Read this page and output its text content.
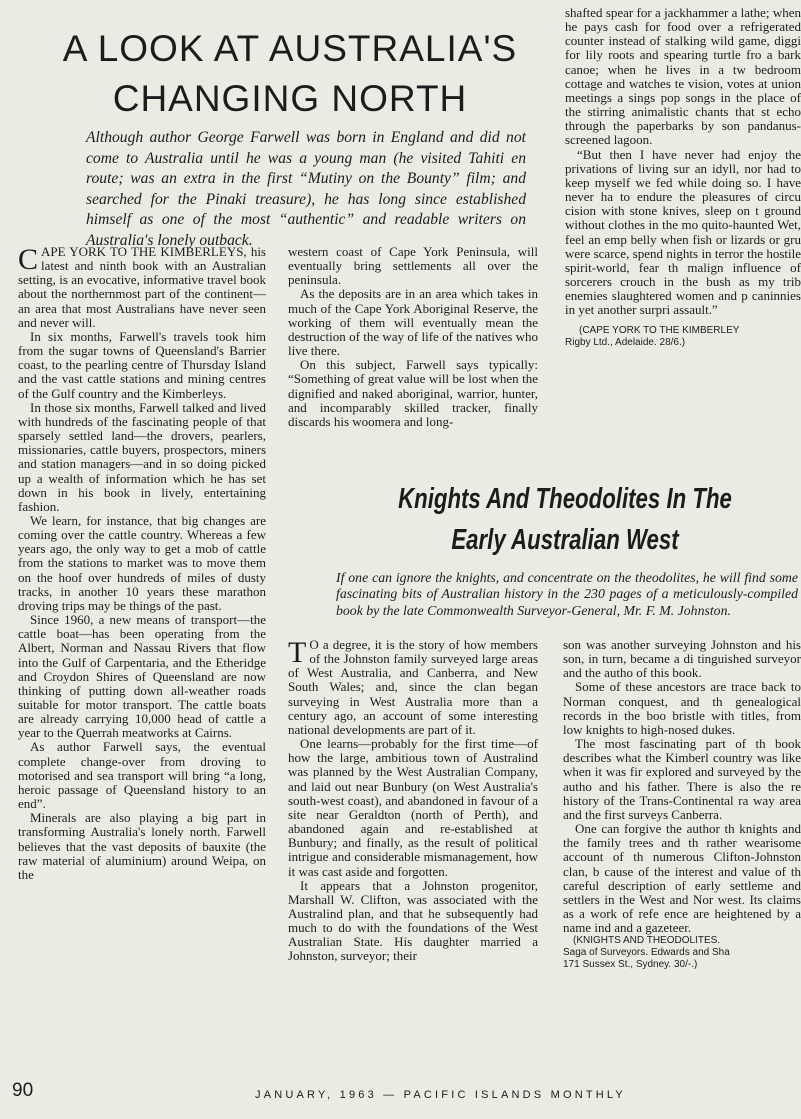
A LOOK AT AUSTRALIA'S
CHANGING NORTH
Although author George Farwell was born in England and did not come to Australia until he was a young man (he visited Tahiti en route; was an extra in the first “Mutiny on the Bounty” film; and searched for the Pinaki treasure), he has long since established himself as one of the most “authentic” and readable writers on Australia's lonely outback.

CAPE YORK TO THE KIMBERLEYS, his latest and ninth book with an Australian setting, is an evocative, informative travel book about the northernmost part of the continent—an area that most Australians have never seen and never will.

In six months, Farwell's travels took him from the sugar towns of Queensland's Barrier coast, to the pearling centre of Thursday Island and the vast cattle stations and mining centres of the Gulf country and the Kimberleys.

In those six months, Farwell talked and lived with hundreds of the fascinating people of that sparsely settled land—the drovers, pearlers, missionaries, cattle buyers, prospectors, miners and station managers—and in so doing picked up a wealth of information which he has set down in his book in lively, entertaining fashion.

We learn, for instance, that big changes are coming over the cattle country. Whereas a few years ago, the only way to get a mob of cattle from the stations to market was to move them on the hoof over hundreds of miles of dusty tracks, in another 10 years these marathon droving trips may be things of the past.

Since 1960, a new means of transport—the cattle boat—has been operating from the Albert, Norman and Nassau Rivers that flow into the Gulf of Carpentaria, and the Etheridge and Croydon Shires of Queensland are now thinking of putting down all-weather roads suitable for motor transport. The cattle boats are already carrying 10,000 head of cattle a year to the Querrah meatworks at Cairns.

As author Farwell says, the eventual complete change-over from droving to motorised and sea transport will bring “a long, heroic passage of Queensland history to an end”.

Minerals are also playing a big part in transforming Australia's lonely north. Farwell believes that the vast deposits of bauxite (the raw material of aluminium) around Weipa, on the

western coast of Cape York Peninsula, will eventually bring settlements all over the peninsula.

As the deposits are in an area which takes in much of the Cape York Aboriginal Reserve, the working of them will eventually mean the destruction of the way of life of the natives who live there.

On this subject, Farwell says typically: “Something of great value will be lost when the dignified and naked aboriginal, warrior, hunter, and incomparably skilled tracker, finally discards his woomera and long-

shafted spear for a jackhammer a lathe; when he pays cash for food over a refrigerated counter instead of stalking wild game, diggi for lily roots and spearing turtle fro a bark canoe; when he lives in a tw bedroom cottage and watches te vision, votes at union meetings a sings pop songs in the place of the stirring animalistic chants that st echo through the paperbarks by son pandanus-screened lagoon.

“But then I have never had enjoy the privations of living sur an idyll, nor had to keep myself we fed while doing so. I have never ha to endure the pleasures of circu cision with stone knives, sleep on t ground without clothes in the mo quito-haunted Wet, feel an emp belly when fish or lizards or gru were scarce, spend nights in terror the hostile spirit-world, fear th malign influence of sorcerers crouch in the bush as my trib enemies slaughtered women and p caninnies in yet another surpri assault.”

(CAPE YORK TO THE KIMBERLEY

Rigby Ltd., Adelaide. 28/6.)

Knights And Theodolites In The
Early Australian West
If one can ignore the knights, and concentrate on the theodolites, he will find some fascinating bits of Australian history in the 230 pages of a meticulously-compiled book by the late Commonwealth Surveyor-General, Mr. F. M. Johnston.

T O a degree, it is the story of how members of the Johnston family surveyed large areas of West Australia, and Canberra, and New South Wales; and, since the clan began surveying in West Australia more than a century ago, an account of some interesting national developments are part of it.

One learns—probably for the first time—of how the large, ambitious town of Australind was planned by the West Australian Company, and laid out near Bunbury (on West Australia's south-west coast), and abandoned in favour of a site near Geraldton (north of Perth), and abandoned again and re-established at Bunbury; and finally, as the result of political intrigue and considerable mismanagement, how it was cast aside and forgotten.

It appears that a Johnston progenitor, Marshall W. Clifton, was associated with the Australind plan, and that he subsequently had much to do with the foundations of the West Australian State. His daughter married a Johnston, surveyor; their

son was another surveying Johnston and his son, in turn, became a di tinguished surveyor and the autho of this book.

Some of these ancestors are trace back to Norman conquest, and th genealogical records in the boo bristle with titles, from low knights to high-nosed dukes.

The most fascinating part of th book describes what the Kimberl country was like when it was fir explored and surveyed by the autho and his father. There is also the re history of the Trans-Continental ra way area and the first surveys Canberra.

One can forgive the author th knights and the family trees and th rather wearisome account of th numerous Clifton-Johnston clan, b cause of the interest and value of th careful description of early settleme and settlers in the West and Nor west. Its claims as a work of refe ence are heightened by a name ind and a gazeteer.

(KNIGHTS AND THEODOLITES.

Saga of Surveyors. Edwards and Sha

171 Sussex St., Sydney. 30/-.)

90	JANUARY, 1963 — PACIFIC ISLANDS MONTHLY
